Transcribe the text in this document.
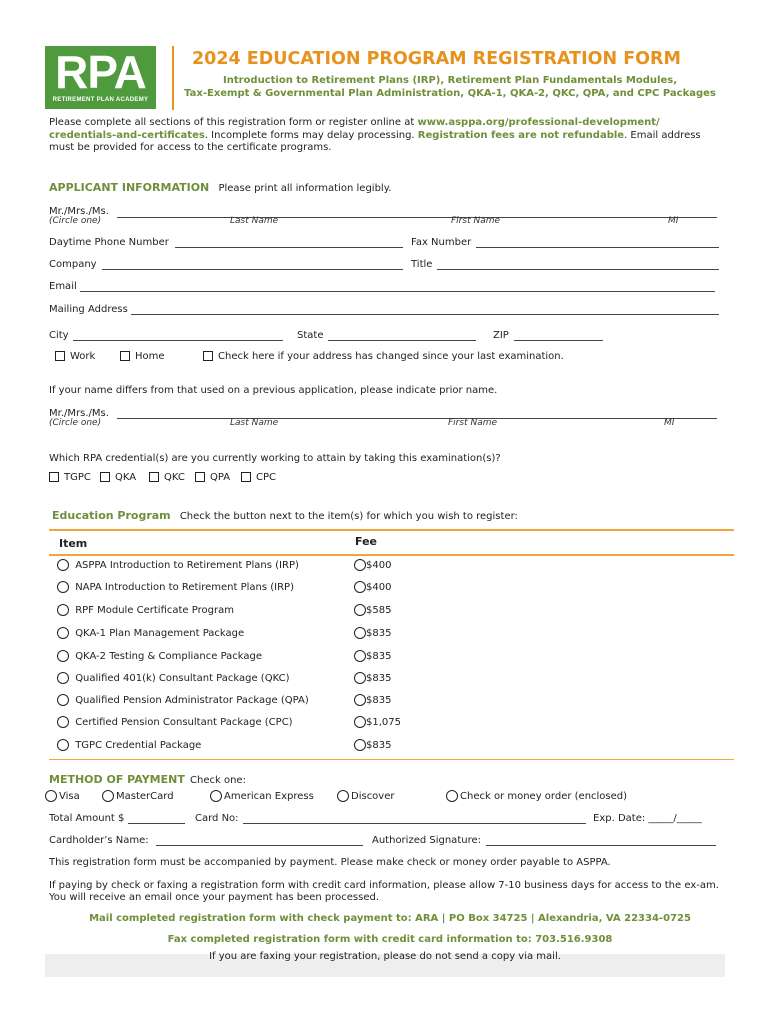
RPA
RETIREMENT PLAN ACADEMY
2024 EDUCATION PROGRAM REGISTRATION FORM
Introduction to Retirement Plans (IRP), Retirement Plan Fundamentals Modules,
Tax-Exempt & Governmental Plan Administration, QKA-1, QKA-2, QKC, QPA, and CPC Packages
Please complete all sections of this registration form or register online at www.asppa.org/professional-development/ credentials-and-certificates. Incomplete forms may delay processing. Registration fees are not refundable. Email address must be provided for access to the certificate programs.
APPLICANT INFORMATION Please print all information legibly.
Mr./Mrs./Ms.
(Circle one)	Last Name	First Name	MI
Daytime Phone Number	Fax Number
Company	Title
Email
Mailing Address
City	State	ZIP
Work	Home	Check here if your address has changed since your last examination.
If your name differs from that used on a previous application, please indicate prior name.
Mr./Mrs./Ms.
(Circle one)	Last Name	First Name	MI
Which RPA credential(s) are you currently working to attain by taking this examination(s)?
TGPC	QKA	QKC	QPA	CPC
Education Program Check the button next to the item(s) for which you wish to register:
Item	Fee
ASPPA Introduction to Retirement Plans (IRP)	$400
NAPA Introduction to Retirement Plans (IRP)	$400
RPF Module Certificate Program	$585
QKA-1 Plan Management Package	$835
QKA-2 Testing & Compliance Package	$835
Qualified 401(k) Consultant Package (QKC)	$835
Qualified Pension Administrator Package (QPA)	$835
Certified Pension Consultant Package (CPC)	$1,075
TGPC Credential Package	$835
METHOD OF PAYMENT Check one:
Visa	MasterCard	American Express	Discover	Check or money order (enclosed)
Total Amount $	Card No:	Exp. Date: _____/_____
Cardholder’s Name:	Authorized Signature:
This registration form must be accompanied by payment. Please make check or money order payable to ASPPA.
If paying by check or faxing a registration form with credit card information, please allow 7-10 business days for access to the ex-am. You will receive an email once your payment has been processed.
Mail completed registration form with check payment to: ARA | PO Box 34725 | Alexandria, VA 22334-0725
Fax completed registration form with credit card information to: 703.516.9308
If you are faxing your registration, please do not send a copy via mail.
